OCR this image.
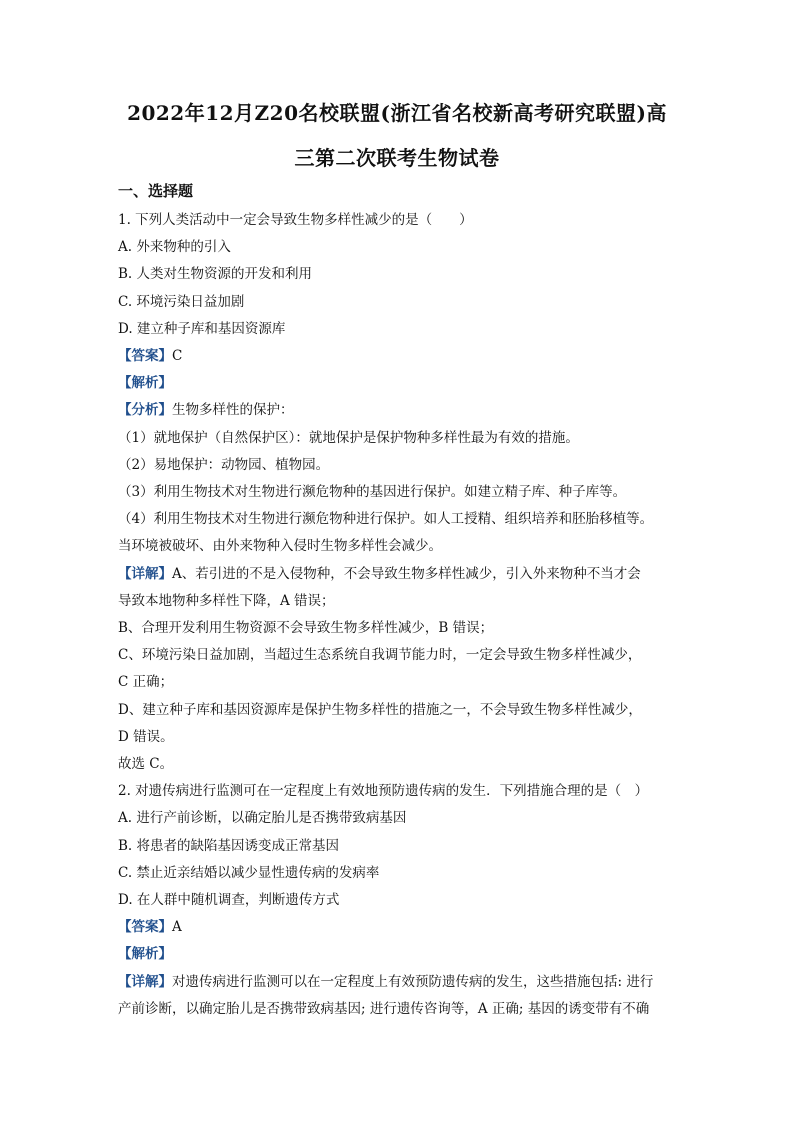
2022年12月Z20名校联盟(浙江省名校新高考研究联盟)高
三第二次联考生物试卷
一、选择题
1. 下列人类活动中一定会导致生物多样性减少的是（　　）
A. 外来物种的引入
B. 人类对生物资源的开发和利用
C. 环境污染日益加剧
D. 建立种子库和基因资源库
【答案】C
【解析】
【分析】生物多样性的保护：
（1）就地保护（自然保护区）：就地保护是保护物种多样性最为有效的措施。
（2）易地保护：动物园、植物园。
（3）利用生物技术对生物进行濒危物种的基因进行保护。如建立精子库、种子库等。
（4）利用生物技术对生物进行濒危物种进行保护。如人工授精、组织培养和胚胎移植等。
当环境被破坏、由外来物种入侵时生物多样性会减少。
【详解】A、若引进的不是入侵物种，不会导致生物多样性减少，引入外来物种不当才会
导致本地物种多样性下降，A 错误；
B、合理开发利用生物资源不会导致生物多样性减少，B 错误；
C、环境污染日益加剧，当超过生态系统自我调节能力时，一定会导致生物多样性减少，
C 正确；
D、建立种子库和基因资源库是保护生物多样性的措施之一，不会导致生物多样性减少，
D 错误。
故选 C。
2. 对遗传病进行监测可在一定程度上有效地预防遗传病的发生．下列措施合理的是（　）
A. 进行产前诊断，以确定胎儿是否携带致病基因
B. 将患者的缺陷基因诱变成正常基因
C. 禁止近亲结婚以减少显性遗传病的发病率
D. 在人群中随机调查，判断遗传方式
【答案】A
【解析】
【详解】对遗传病进行监测可以在一定程度上有效预防遗传病的发生，这些措施包括: 进行
产前诊断，以确定胎儿是否携带致病基因; 进行遗传咨询等，A 正确; 基因的诱变带有不确
